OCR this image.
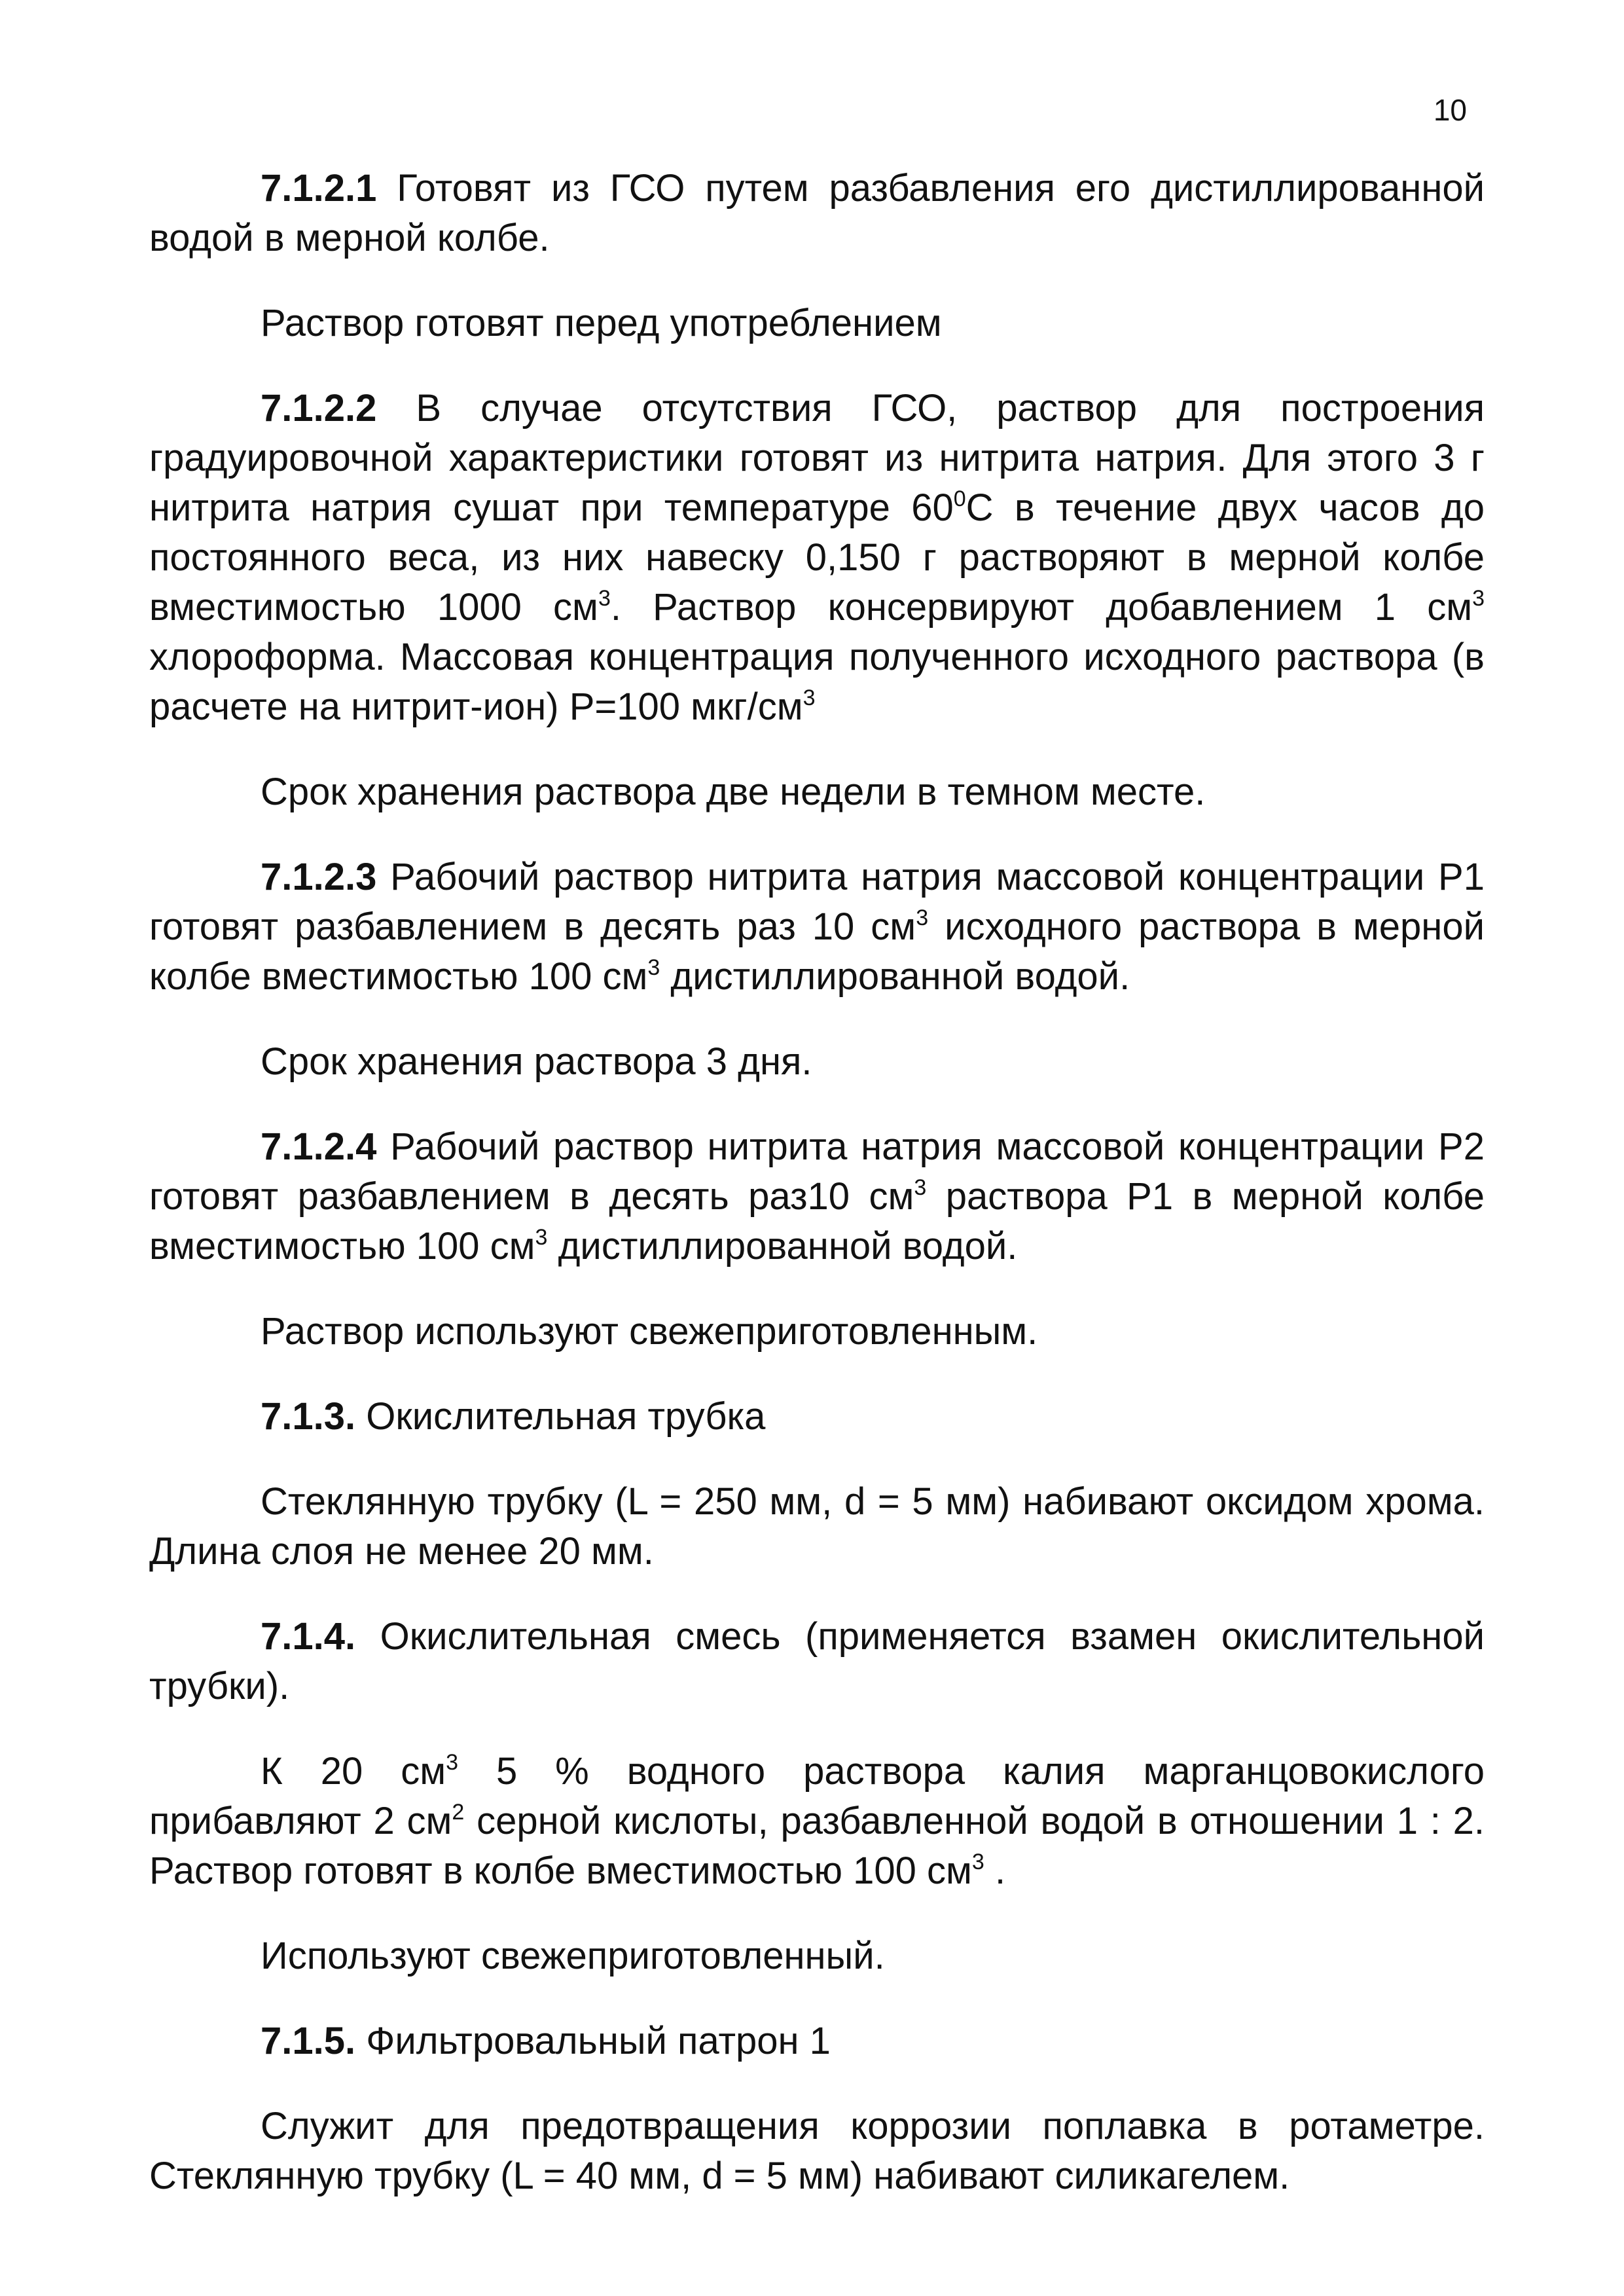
10

7.1.2.1 Готовят из ГСО путем разбавления его дистиллированной водой в мерной колбе.

Раствор готовят перед употреблением

7.1.2.2 В случае отсутствия ГСО, раствор для построения градуировочной характеристики готовят из нитрита натрия. Для этого 3 г нитрита натрия сушат при температуре $60^0С$ в течение двух часов до постоянного веса, из них навеску 0,150 г растворяют в мерной колбе вместимостью 1000 $см^3$. Раствор консервируют добавлением 1 $см^3$ хлороформа. Массовая концентрация полученного исходного раствора (в расчете на нитрит-ион) P=100 мкг/$см^3$

Срок хранения раствора две недели в темном месте.

7.1.2.3 Рабочий раствор нитрита натрия массовой концентрации P1 готовят разбавлением в десять раз 10 $см^3$ исходного раствора в мерной колбе вместимостью 100 $см^3$ дистиллированной водой.

Срок хранения раствора 3 дня.

7.1.2.4 Рабочий раствор нитрита натрия массовой концентрации P2 готовят разбавлением в десять раз10 $см^3$ раствора P1 в мерной колбе вместимостью 100 $см^3$ дистиллированной водой.

Раствор используют свежеприготовленным.

7.1.3. Окислительная трубка

Стеклянную трубку (L = 250 мм, d = 5 мм) набивают оксидом хрома. Длина слоя не менее 20 мм.

7.1.4. Окислительная смесь (применяется взамен окислительной трубки).

К 20 $см^3$ 5 % водного раствора калия марганцовокислого прибавляют 2 $см^2$ серной кислоты, разбавленной водой в отношении 1 : 2. Раствор готовят в колбе вместимостью 100 $см^3$ .

Используют свежеприготовленный.

7.1.5. Фильтровальный патрон 1

Служит для предотвращения коррозии поплавка в ротаметре. Стеклянную трубку (L = 40 мм, d = 5 мм) набивают силикагелем.
